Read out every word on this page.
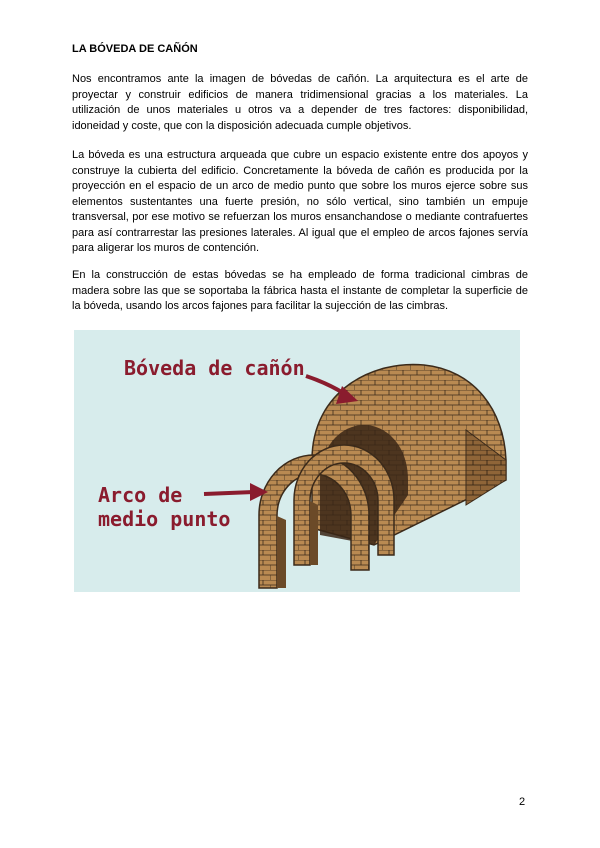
LA BÓVEDA DE CAÑÓN

Nos encontramos ante la imagen de bóvedas de cañón. La arquitectura es el arte de proyectar y construir edificios de manera tridimensional gracias a los materiales. La utilización de unos materiales u otros va a depender de tres factores: disponibilidad, idoneidad y coste, que con la disposición adecuada cumple objetivos.

La bóveda es una estructura arqueada que cubre un espacio existente entre dos apoyos y construye la cubierta del edificio. Concretamente la bóveda de cañón es producida por la proyección en el espacio de un arco de medio punto que sobre los muros ejerce sobre sus elementos sustentantes una fuerte presión, no sólo vertical, sino también un empuje transversal, por ese motivo se refuerzan los muros ensanchandose o mediante contrafuertes para así contrarrestar las presiones laterales. Al igual que el empleo de arcos fajones servía para aligerar los muros de contención.

En la construcción de estas bóvedas se ha empleado de forma tradicional cimbras de madera sobre las que se soportaba la fábrica hasta el instante de completar la superficie de la bóveda, usando los arcos fajones para facilitar la sujección de las cimbras.

Bóveda de cañón
Arco de
medio punto
2
